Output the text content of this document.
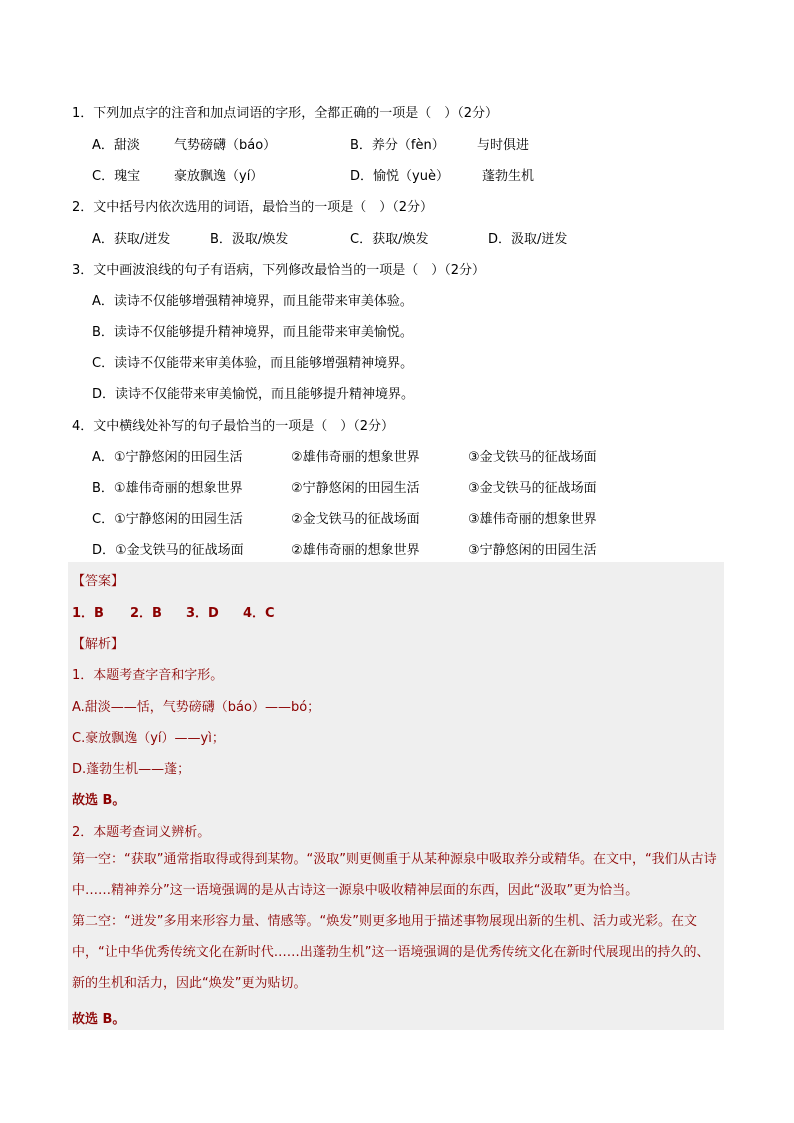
1．下列加点字的注音和加点词语的字形，全都正确的一项是（　）（2分）
A．甜淡	气势磅礴（báo）	B．养分（fèn） 与时俱进
C．瑰宝	豪放飘逸（yí）	D．愉悦（yuè）	蓬勃生机
2．文中括号内依次选用的词语，最恰当的一项是（　）（2分）
A．获取/迸发	B．汲取/焕发	C．获取/焕发	D．汲取/迸发
3．文中画波浪线的句子有语病，下列修改最恰当的一项是（　）（2分）
A．读诗不仅能够增强精神境界，而且能带来审美体验。
B．读诗不仅能够提升精神境界，而且能带来审美愉悦。
C．读诗不仅能带来审美体验，而且能够增强精神境界。
D．读诗不仅能带来审美愉悦，而且能够提升精神境界。
4．文中横线处补写的句子最恰当的一项是（　）（2分）
A．①宁静悠闲的田园生活	②雄伟奇丽的想象世界	③金戈铁马的征战场面
B．①雄伟奇丽的想象世界	②宁静悠闲的田园生活	③金戈铁马的征战场面
C．①宁静悠闲的田园生活	②金戈铁马的征战场面	③雄伟奇丽的想象世界
D．①金戈铁马的征战场面	②雄伟奇丽的想象世界	③宁静悠闲的田园生活
【答案】
1．B 2．B 3．D 4．C
【解析】
1．本题考查字音和字形。
A.甜淡——恬，气势磅礴（báo）——bó；
C.豪放飘逸（yí）——yì；
D.蓬勃生机——蓬；
故选 B。
2．本题考查词义辨析。
第一空：“获取”通常指取得或得到某物。“汲取”则更侧重于从某种源泉中吸取养分或精华。在文中，“我们从古诗中……精神养分”这一语境强调的是从古诗这一源泉中吸收精神层面的东西，因此“汲取”更为恰当。
第二空：“迸发”多用来形容力量、情感等。“焕发”则更多地用于描述事物展现出新的生机、活力或光彩。在文中，“让中华优秀传统文化在新时代……出蓬勃生机”这一语境强调的是优秀传统文化在新时代展现出的持久的、新的生机和活力，因此“焕发”更为贴切。
故选 B。
